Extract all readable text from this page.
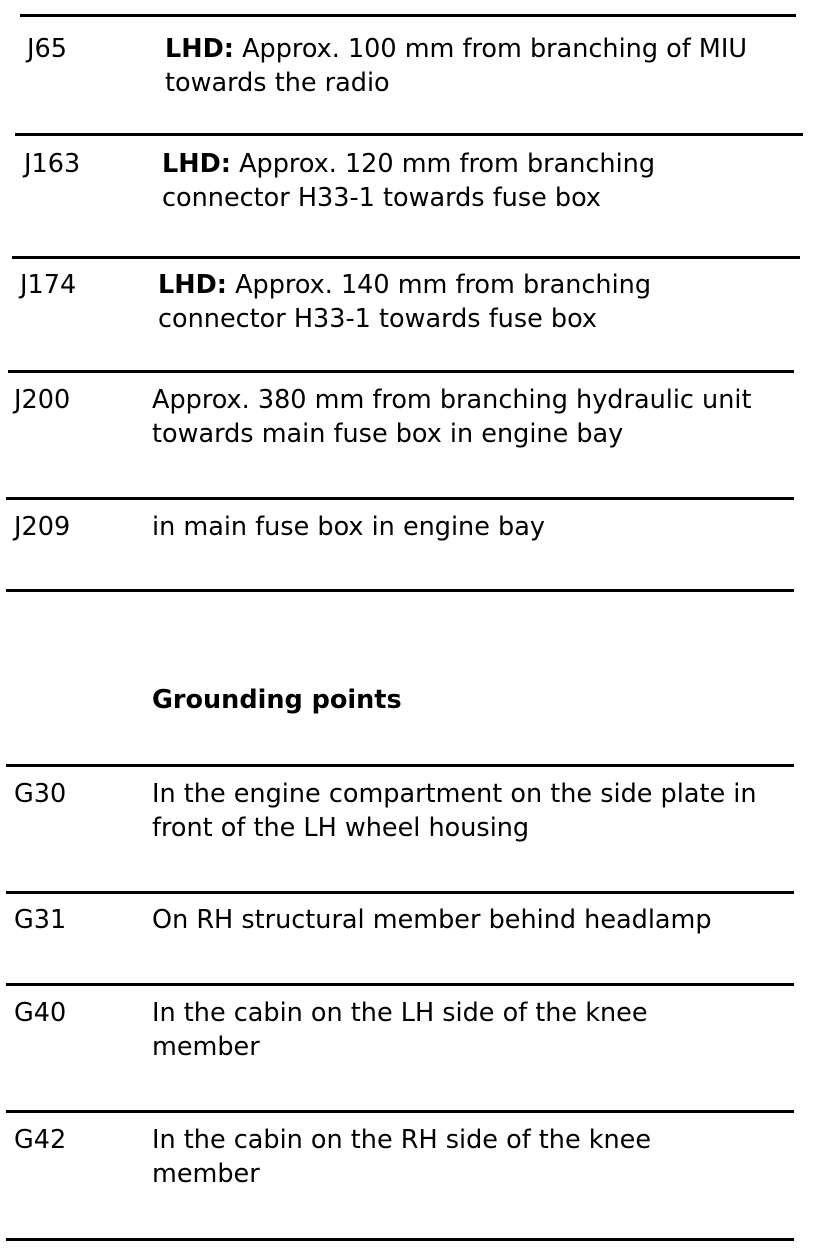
J65	LHD: Approx. 100 mm from branching of MIU towards the radio
J163	LHD: Approx. 120 mm from branching connector H33-1 towards fuse box
J174	LHD: Approx. 140 mm from branching connector H33-1 towards fuse box
J200	Approx. 380 mm from branching hydraulic unit towards main fuse box in engine bay
J209	in main fuse box in engine bay
Grounding points
G30	In the engine compartment on the side plate in front of the LH wheel housing
G31	On RH structural member behind headlamp
G40	In the cabin on the LH side of the knee member
G42	In the cabin on the RH side of the knee member
